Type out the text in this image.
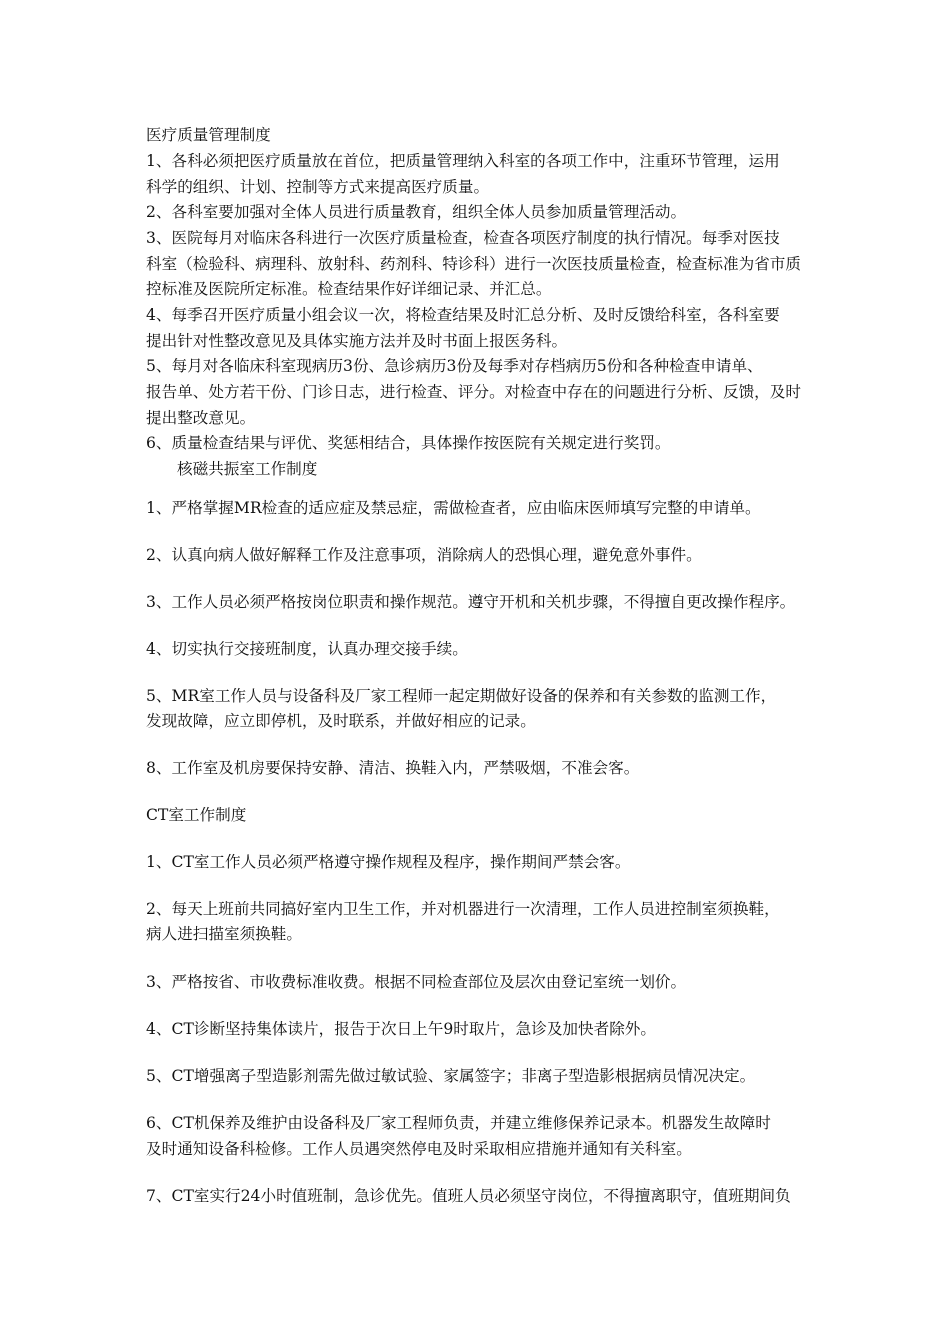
医疗质量管理制度

1、各科必须把医疗质量放在首位，把质量管理纳入科室的各项工作中，注重环节管理，运用

科学的组织、计划、控制等方式来提高医疗质量。

2、各科室要加强对全体人员进行质量教育，组织全体人员参加质量管理活动。

3、医院每月对临床各科进行一次医疗质量检查，检查各项医疗制度的执行情况。每季对医技

科室（检验科、病理科、放射科、药剂科、特诊科）进行一次医技质量检查，检查标准为省市质

控标准及医院所定标准。检查结果作好详细记录、并汇总。

4、每季召开医疗质量小组会议一次，将检查结果及时汇总分析、及时反馈给科室，各科室要

提出针对性整改意见及具体实施方法并及时书面上报医务科。

5、每月对各临床科室现病历3份、急诊病历3份及每季对存档病历5份和各种检查申请单、

报告单、处方若干份、门诊日志，进行检查、评分。对检查中存在的问题进行分析、反馈，及时

提出整改意见。

6、质量检查结果与评优、奖惩相结合，具体操作按医院有关规定进行奖罚。

核磁共振室工作制度

1、严格掌握MR检查的适应症及禁忌症，需做检查者，应由临床医师填写完整的申请单。

2、认真向病人做好解释工作及注意事项，消除病人的恐惧心理，避免意外事件。

3、工作人员必须严格按岗位职责和操作规范。遵守开机和关机步骤，不得擅自更改操作程序。

4、切实执行交接班制度，认真办理交接手续。

5、MR室工作人员与设备科及厂家工程师一起定期做好设备的保养和有关参数的监测工作，

发现故障，应立即停机，及时联系，并做好相应的记录。

8、工作室及机房要保持安静、清洁、换鞋入内，严禁吸烟，不准会客。

CT室工作制度

1、CT室工作人员必须严格遵守操作规程及程序，操作期间严禁会客。

2、每天上班前共同搞好室内卫生工作，并对机器进行一次清理，工作人员进控制室须换鞋，

病人进扫描室须换鞋。

3、严格按省、市收费标准收费。根据不同检查部位及层次由登记室统一划价。

4、CT诊断坚持集体读片，报告于次日上午9时取片，急诊及加快者除外。

5、CT增强离子型造影剂需先做过敏试验、家属签字；非离子型造影根据病员情况决定。

6、CT机保养及维护由设备科及厂家工程师负责，并建立维修保养记录本。机器发生故障时

及时通知设备科检修。工作人员遇突然停电及时采取相应措施并通知有关科室。

7、CT室实行24小时值班制，急诊优先。值班人员必须坚守岗位，不得擅离职守，值班期间负
